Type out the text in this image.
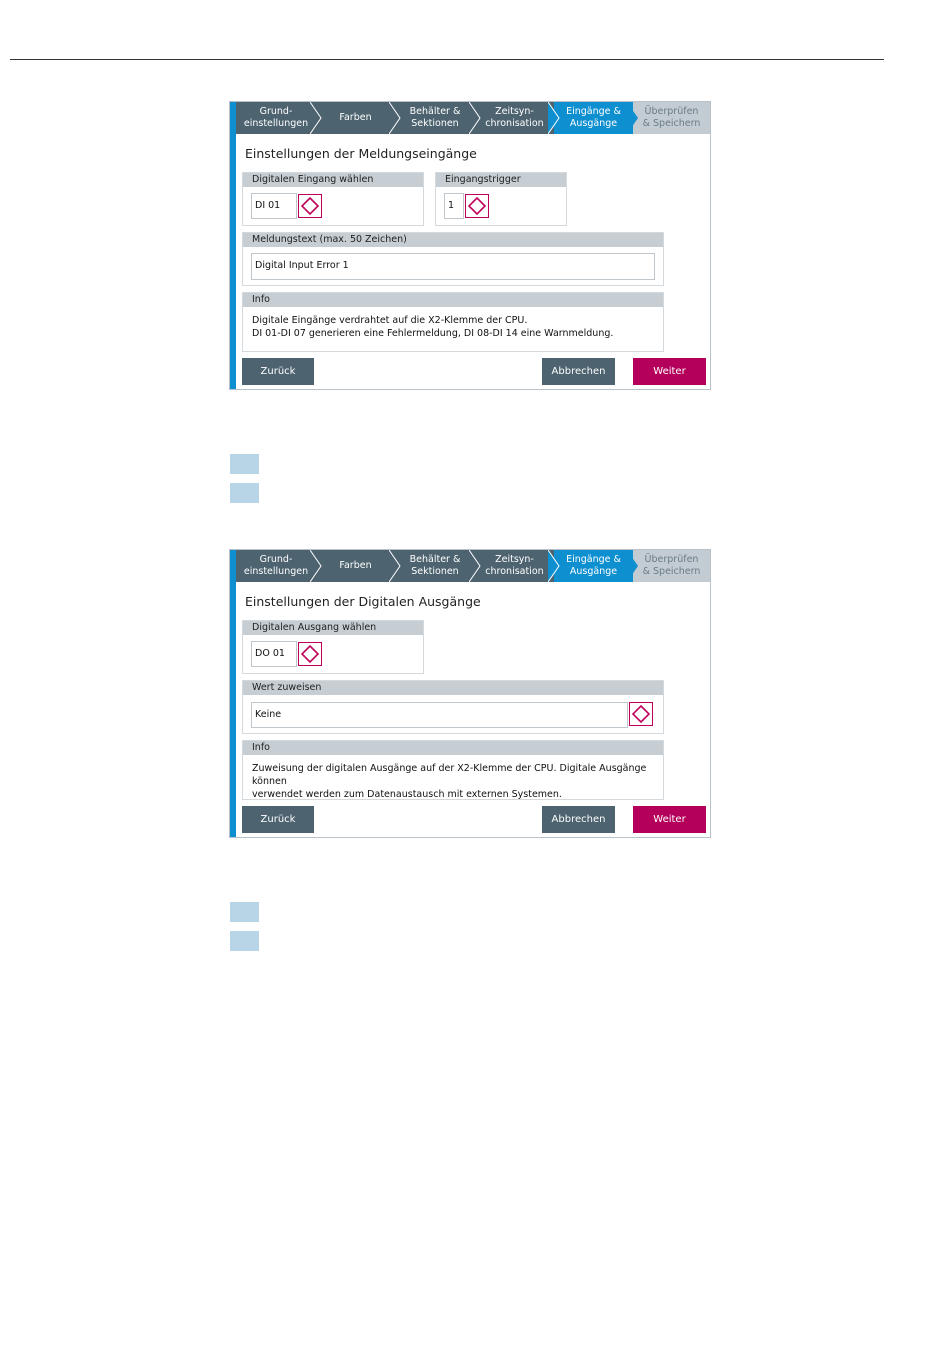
Grund-
einstellungen
Farben
Behälter &
Sektionen
Zeitsyn-
chronisation
Eingänge &
Ausgänge
Überprüfen
& Speichern
Einstellungen der Meldungseingänge
Digitalen Eingang wählen
DI 01
Eingangstrigger
1
Meldungstext (max. 50 Zeichen)
Digital Input Error 1
Info
Digitale Eingänge verdrahtet auf die X2-Klemme der CPU.
DI 01-DI 07 generieren eine Fehlermeldung, DI 08-DI 14 eine Warnmeldung.
Zurück	Abbrechen	Weiter
Grund-
einstellungen
Farben
Behälter &
Sektionen
Zeitsyn-
chronisation
Eingänge &
Ausgänge
Überprüfen
& Speichern
Einstellungen der Digitalen Ausgänge
Digitalen Ausgang wählen
DO 01
Wert zuweisen
Keine
Info
Zuweisung der digitalen Ausgänge auf der X2-Klemme der CPU. Digitale Ausgänge können
verwendet werden zum Datenaustausch mit externen Systemen.
Zurück	Abbrechen	Weiter
